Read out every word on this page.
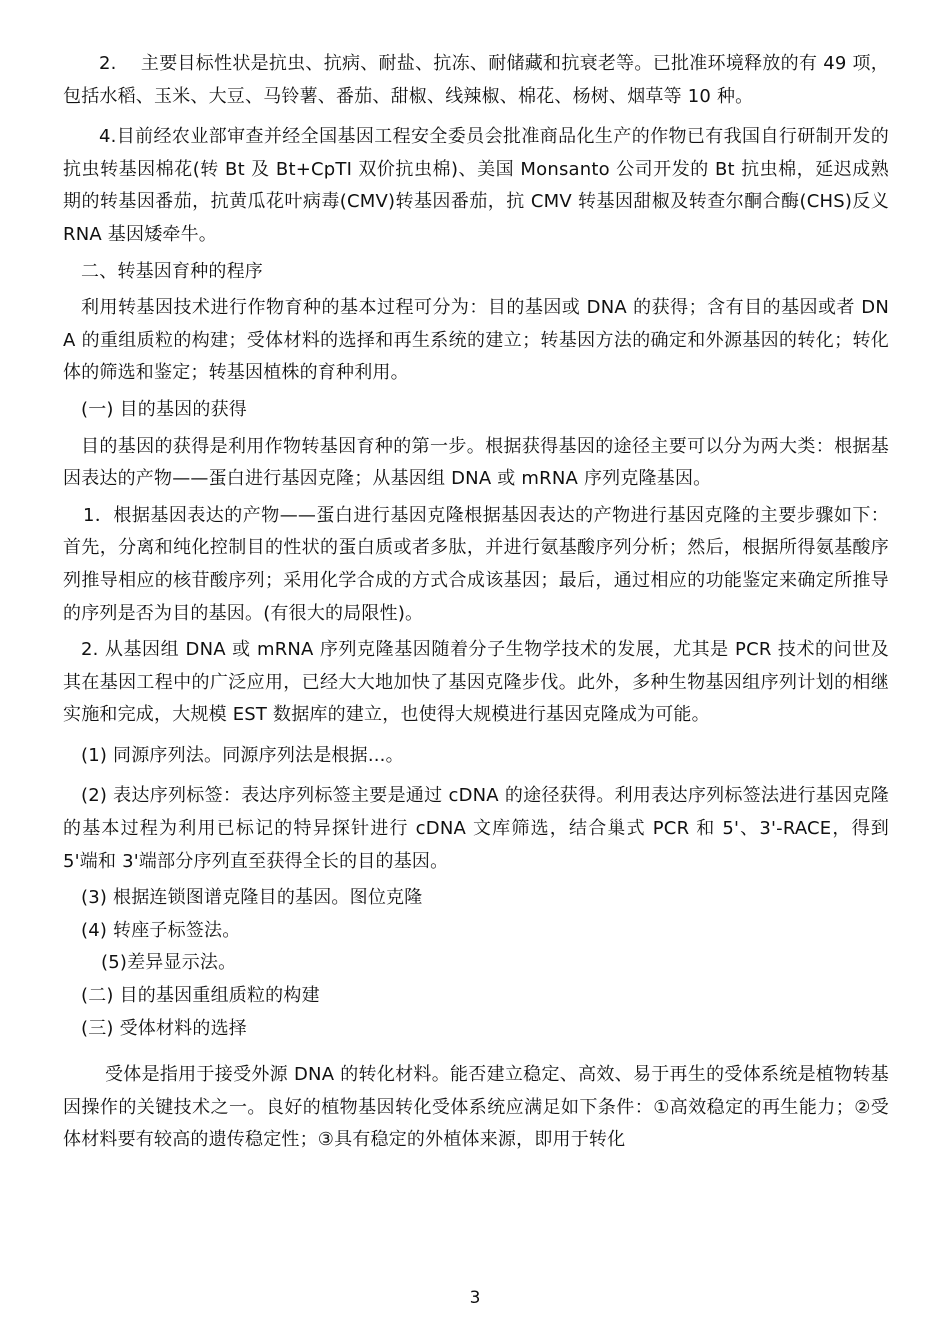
2.　 主要目标性状是抗虫、抗病、耐盐、抗冻、耐储藏和抗衰老等。已批准环境释放的有 49 项，包括水稻、玉米、大豆、马铃薯、番茄、甜椒、线辣椒、棉花、杨树、烟草等 10 种。

4.目前经农业部审查并经全国基因工程安全委员会批准商品化生产的作物已有我国自行研制开发的抗虫转基因棉花(转 Bt 及 Bt+CpTI 双价抗虫棉)、美国 Monsanto 公司开发的 Bt 抗虫棉，延迟成熟期的转基因番茄，抗黄瓜花叶病毒(CMV)转基因番茄，抗 CMV 转基因甜椒及转查尔酮合酶(CHS)反义 RNA 基因矮牵牛。

二、转基因育种的程序

利用转基因技术进行作物育种的基本过程可分为：目的基因或 DNA 的获得；含有目的基因或者 DNA 的重组质粒的构建；受体材料的选择和再生系统的建立；转基因方法的确定和外源基因的转化；转化体的筛选和鉴定；转基因植株的育种利用。

(一) 目的基因的获得

目的基因的获得是利用作物转基因育种的第一步。根据获得基因的途径主要可以分为两大类：根据基因表达的产物——蛋白进行基因克隆；从基因组 DNA 或 mRNA 序列克隆基因。

1．根据基因表达的产物——蛋白进行基因克隆根据基因表达的产物进行基因克隆的主要步骤如下：首先，分离和纯化控制目的性状的蛋白质或者多肽，并进行氨基酸序列分析；然后，根据所得氨基酸序列推导相应的核苷酸序列；采用化学合成的方式合成该基因；最后，通过相应的功能鉴定来确定所推导的序列是否为目的基因。(有很大的局限性)。

2. 从基因组 DNA 或 mRNA 序列克隆基因随着分子生物学技术的发展，尤其是 PCR 技术的问世及其在基因工程中的广泛应用，已经大大地加快了基因克隆步伐。此外，多种生物基因组序列计划的相继实施和完成，大规模 EST 数据库的建立，也使得大规模进行基因克隆成为可能。

(1) 同源序列法。同源序列法是根据...。

(2) 表达序列标签：表达序列标签主要是通过 cDNA 的途径获得。利用表达序列标签法进行基因克隆的基本过程为利用已标记的特异探针进行 cDNA 文库筛选，结合巢式 PCR 和 5'、3'-RACE，得到 5'端和 3'端部分序列直至获得全长的目的基因。

(3) 根据连锁图谱克隆目的基因。图位克隆

(4) 转座子标签法。

(5)差异显示法。

(二) 目的基因重组质粒的构建

(三) 受体材料的选择

受体是指用于接受外源 DNA 的转化材料。能否建立稳定、高效、易于再生的受体系统是植物转基因操作的关键技术之一。良好的植物基因转化受体系统应满足如下条件：①高效稳定的再生能力；②受体材料要有较高的遗传稳定性；③具有稳定的外植体来源，即用于转化

3
